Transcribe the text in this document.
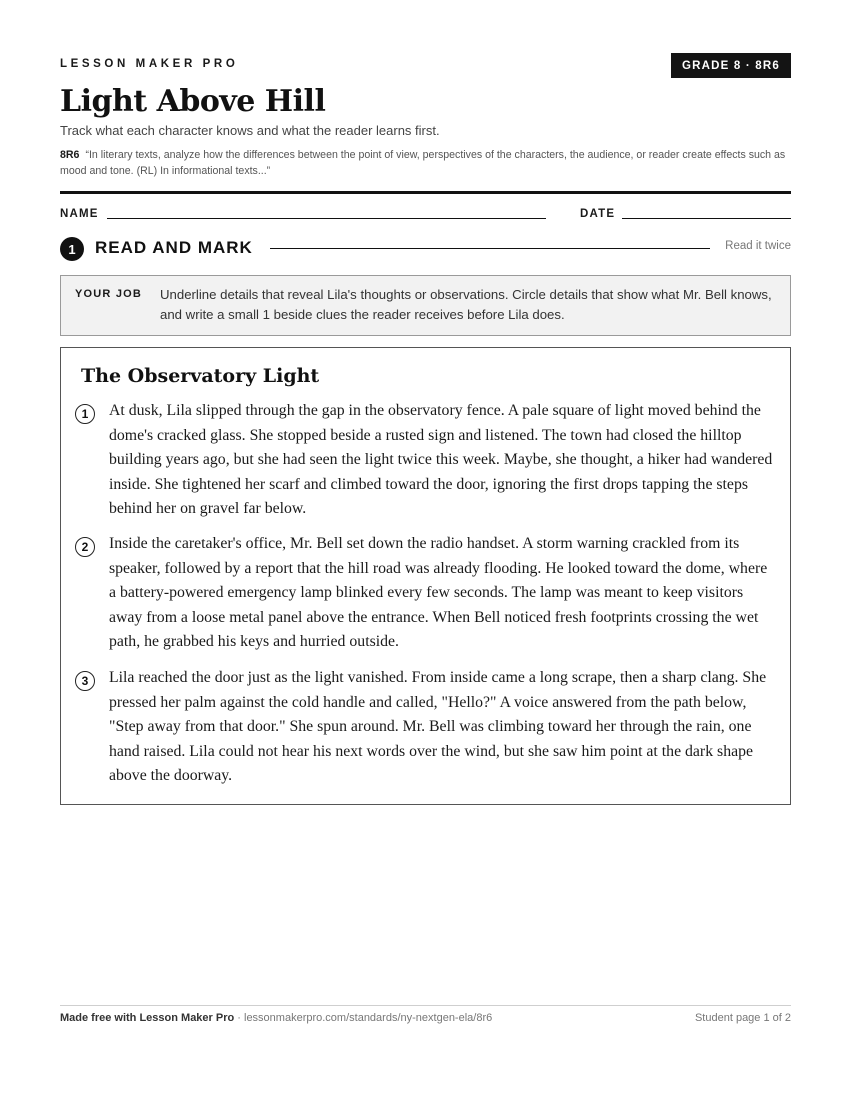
LESSON MAKER PRO	GRADE 8 · 8R6
Light Above Hill
Track what each character knows and what the reader learns first.
8R6 “In literary texts, analyze how the differences between the point of view, perspectives of the characters, the audience, or reader create effects such as mood and tone. (RL) In informational texts...”
NAME	DATE
1	READ AND MARK	Read it twice
YOUR JOB Underline details that reveal Lila's thoughts or observations. Circle details that show what Mr. Bell knows, and write a small 1 beside clues the reader receives before Lila does.
The Observatory Light
1	At dusk, Lila slipped through the gap in the observatory fence. A pale square of light moved behind the dome's cracked glass. She stopped beside a rusted sign and listened. The town had closed the hilltop building years ago, but she had seen the light twice this week. Maybe, she thought, a hiker had wandered inside. She tightened her scarf and climbed toward the door, ignoring the first drops tapping the steps behind her on gravel far below.
2	Inside the caretaker's office, Mr. Bell set down the radio handset. A storm warning crackled from its speaker, followed by a report that the hill road was already flooding. He looked toward the dome, where a battery-powered emergency lamp blinked every few seconds. The lamp was meant to keep visitors away from a loose metal panel above the entrance. When Bell noticed fresh footprints crossing the wet path, he grabbed his keys and hurried outside.
3	Lila reached the door just as the light vanished. From inside came a long scrape, then a sharp clang. She pressed her palm against the cold handle and called, "Hello?" A voice answered from the path below, "Step away from that door." She spun around. Mr. Bell was climbing toward her through the rain, one hand raised. Lila could not hear his next words over the wind, but she saw him point at the dark shape above the doorway.
Made free with Lesson Maker Pro · lessonmakerpro.com/standards/ny-nextgen-ela/8r6	Student page 1 of 2
